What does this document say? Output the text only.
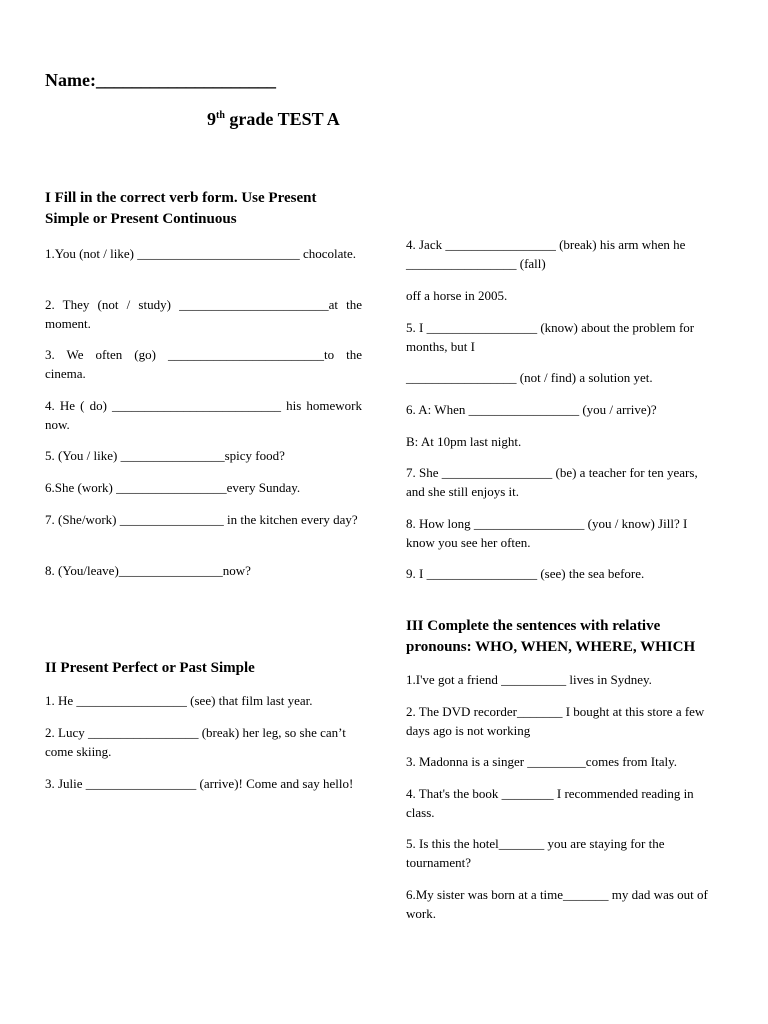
Name:____________________
9th grade TEST A
I Fill in the correct verb form. Use Present Simple or Present Continuous
1.You (not / like) _________________________ chocolate.
2. They (not / study) _______________________at the moment.
3. We often (go) ________________________to the cinema.
4. He ( do) __________________________ his homework now.
5. (You / like) ________________spicy food?
6.She (work) _________________every Sunday.
7. (She/work) ________________ in the kitchen every day?
8. (You/leave)________________now?
II Present Perfect or Past Simple
1. He _________________ (see) that film last year.
2. Lucy _________________ (break) her leg, so she can’t come skiing.
3. Julie _________________ (arrive)! Come and say hello!
4. Jack _________________ (break) his arm when he _________________ (fall)
off a horse in 2005.
5. I _________________ (know) about the problem for months, but I
_________________ (not / find) a solution yet.
6. A: When _________________ (you / arrive)?
B: At 10pm last night.
7. She _________________ (be) a teacher for ten years, and she still enjoys it.
8. How long _________________ (you / know) Jill? I know you see her often.
9. I _________________ (see) the sea before.
III Complete the sentences with relative pronouns: WHO, WHEN, WHERE, WHICH
1.I've got a friend __________ lives in Sydney.
2. The DVD recorder_______ I bought at this store a few days ago is not working
3. Madonna is a singer _________comes from Italy.
4. That's the book ________ I recommended reading in class.
5. Is this the hotel_______ you are staying for the tournament?
6.My sister was born at a time_______ my dad was out of work.
